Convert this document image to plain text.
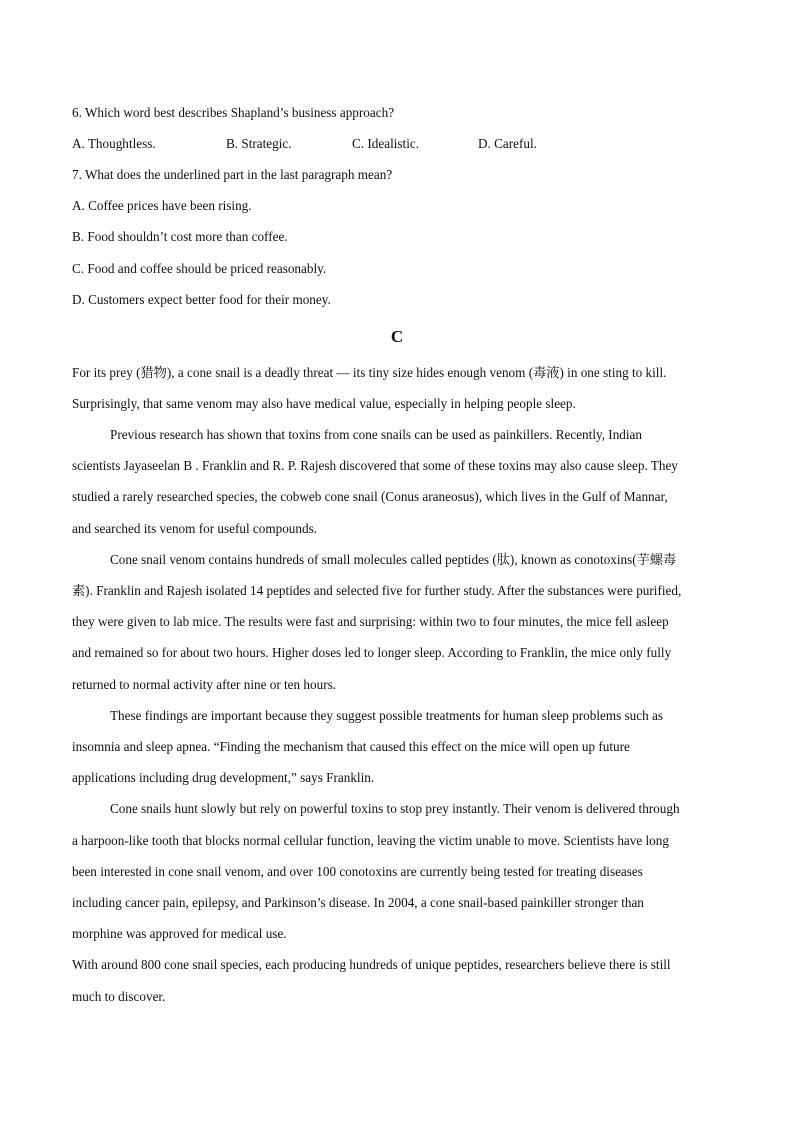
6. Which word best describes Shapland’s business approach?
A. Thoughtless.	B. Strategic.	C. Idealistic.	D. Careful.
7. What does the underlined part in the last paragraph mean?
A. Coffee prices have been rising.
B. Food shouldn’t cost more than coffee.
C. Food and coffee should be priced reasonably.
D. Customers expect better food for their money.
C
For its prey (猎物), a cone snail is a deadly threat — its tiny size hides enough venom (毒液) in one sting to kill.
Surprisingly, that same venom may also have medical value, especially in helping people sleep.
Previous research has shown that toxins from cone snails can be used as painkillers. Recently, Indian
scientists Jayaseelan B . Franklin and R. P. Rajesh discovered that some of these toxins may also cause sleep. They
studied a rarely researched species, the cobweb cone snail (Conus araneosus), which lives in the Gulf of Mannar,
and searched its venom for useful compounds.
Cone snail venom contains hundreds of small molecules called peptides (肽), known as conotoxins(芋螺毒
素). Franklin and Rajesh isolated 14 peptides and selected five for further study. After the substances were purified,
they were given to lab mice. The results were fast and surprising: within two to four minutes, the mice fell asleep
and remained so for about two hours. Higher doses led to longer sleep. According to Franklin, the mice only fully
returned to normal activity after nine or ten hours.
These findings are important because they suggest possible treatments for human sleep problems such as
insomnia and sleep apnea. “Finding the mechanism that caused this effect on the mice will open up future
applications including drug development,” says Franklin.
Cone snails hunt slowly but rely on powerful toxins to stop prey instantly. Their venom is delivered through
a harpoon-like tooth that blocks normal cellular function, leaving the victim unable to move. Scientists have long
been interested in cone snail venom, and over 100 conotoxins are currently being tested for treating diseases
including cancer pain, epilepsy, and Parkinson’s disease. In 2004, a cone snail-based painkiller stronger than
morphine was approved for medical use.
With around 800 cone snail species, each producing hundreds of unique peptides, researchers believe there is still
much to discover.
